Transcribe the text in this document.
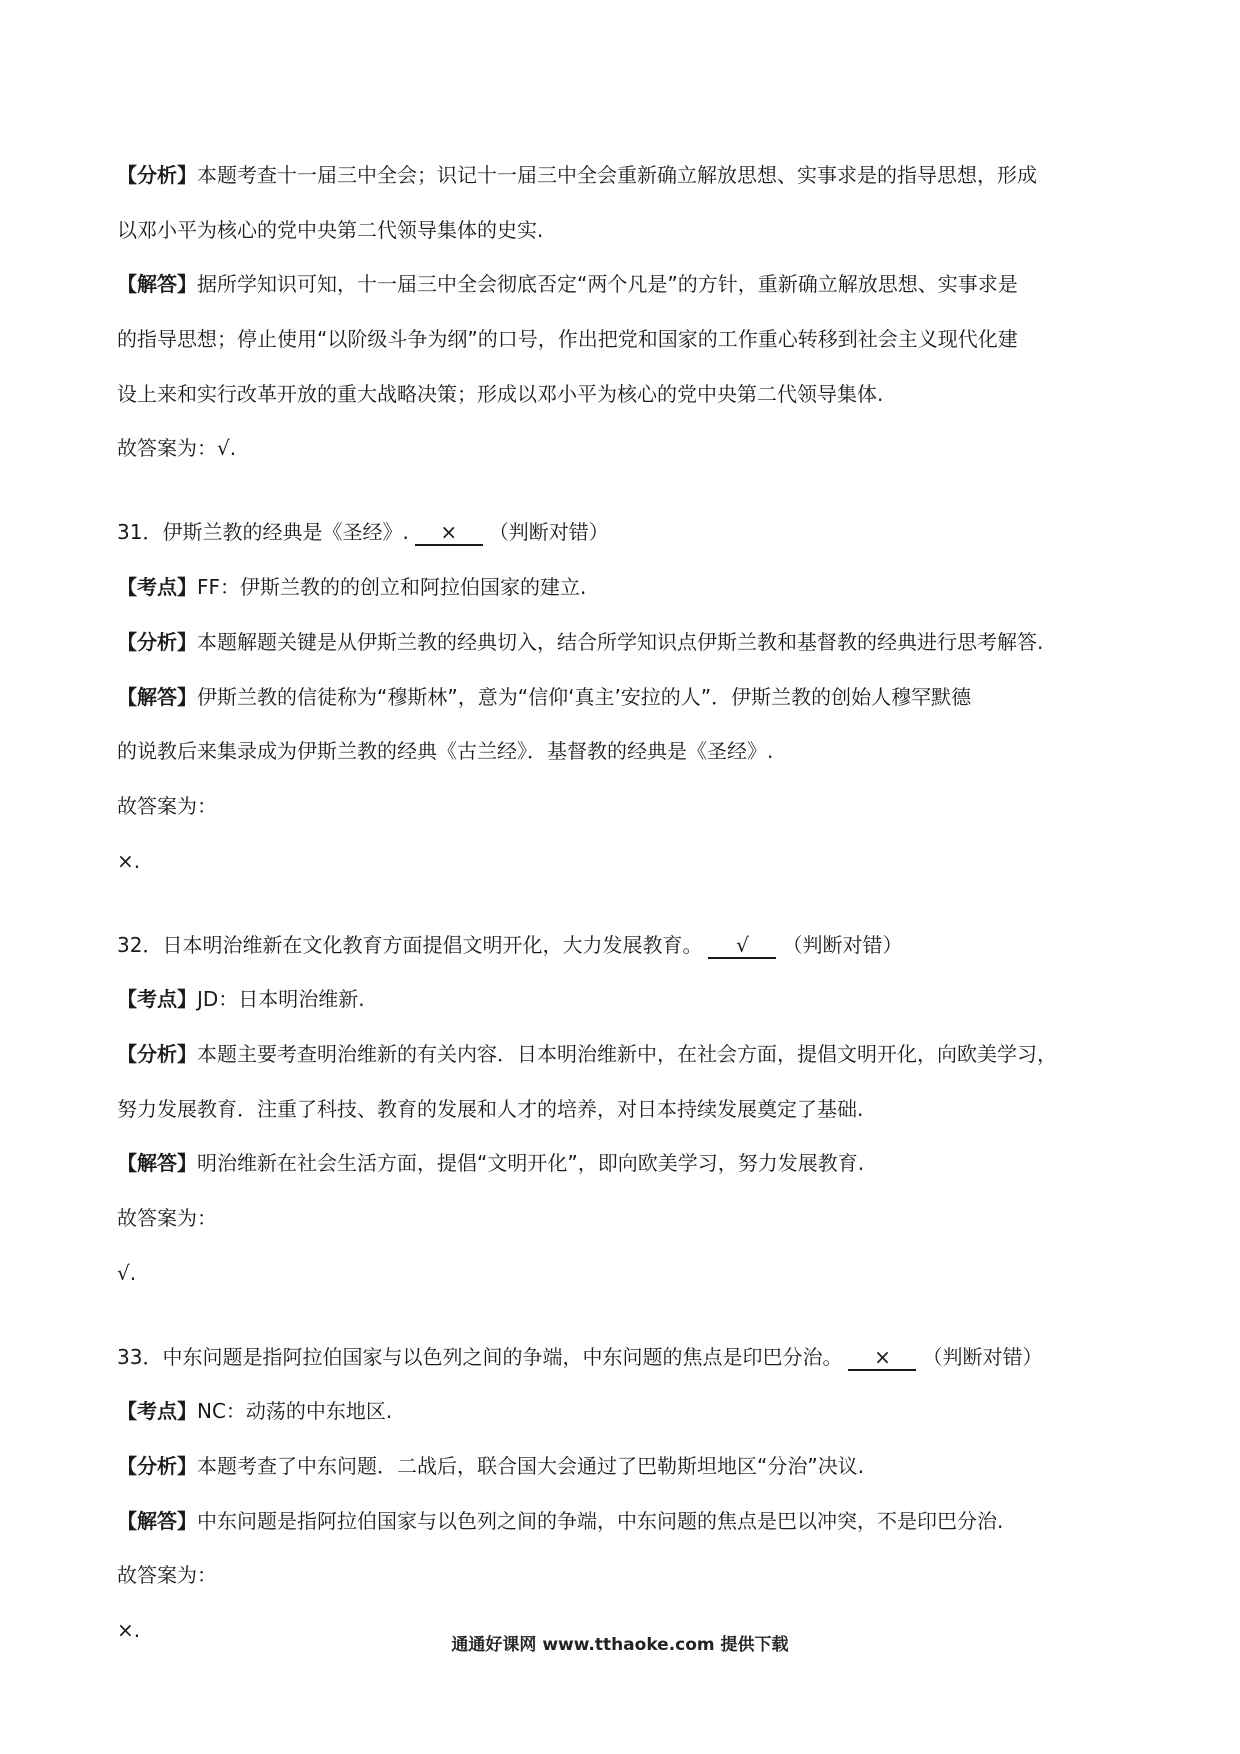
【分析】本题考查十一届三中全会；识记十一届三中全会重新确立解放思想、实事求是的指导思想，形成
以邓小平为核心的党中央第二代领导集体的史实.
【解答】据所学知识可知，十一届三中全会彻底否定“两个凡是”的方针，重新确立解放思想、实事求是
的指导思想；停止使用“以阶级斗争为纲”的口号，作出把党和国家的工作重心转移到社会主义现代化建
设上来和实行改革开放的重大战略决策；形成以邓小平为核心的党中央第二代领导集体.
故答案为：√.
31．伊斯兰教的经典是《圣经》. × （判断对错）
【考点】FF：伊斯兰教的的创立和阿拉伯国家的建立.
【分析】本题解题关键是从伊斯兰教的经典切入，结合所学知识点伊斯兰教和基督教的经典进行思考解答.
【解答】伊斯兰教的信徒称为“穆斯林”，意为“信仰‘真主’安拉的人”．伊斯兰教的创始人穆罕默德
的说教后来集录成为伊斯兰教的经典《古兰经》．基督教的经典是《圣经》.
故答案为：
×.
32．日本明治维新在文化教育方面提倡文明开化，大力发展教育。 √ （判断对错）
【考点】JD：日本明治维新.
【分析】本题主要考查明治维新的有关内容．日本明治维新中，在社会方面，提倡文明开化，向欧美学习，
努力发展教育．注重了科技、教育的发展和人才的培养，对日本持续发展奠定了基础.
【解答】明治维新在社会生活方面，提倡“文明开化”，即向欧美学习，努力发展教育.
故答案为：
√.
33．中东问题是指阿拉伯国家与以色列之间的争端，中东问题的焦点是印巴分治。 × （判断对错）
【考点】NC：动荡的中东地区.
【分析】本题考查了中东问题．二战后，联合国大会通过了巴勒斯坦地区“分治”决议.
【解答】中东问题是指阿拉伯国家与以色列之间的争端，中东问题的焦点是巴以冲突，不是印巴分治.
故答案为：
×.
通通好课网 www.tthaoke.com 提供下载
